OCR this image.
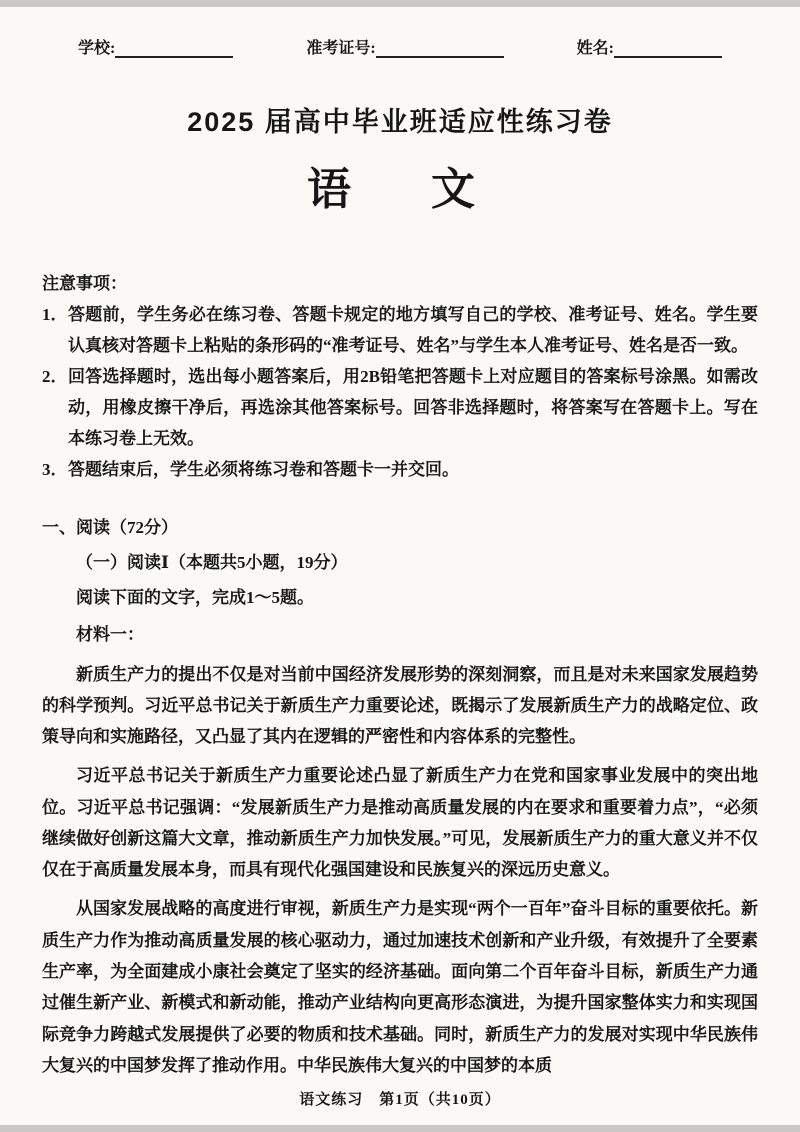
学校:	准考证号:	姓名:
2025 届高中毕业班适应性练习卷
语　文
注意事项：
1． 答题前，学生务必在练习卷、答题卡规定的地方填写自己的学校、准考证号、姓名。学生要认真核对答题卡上粘贴的条形码的“准考证号、姓名”与学生本人准考证号、姓名是否一致。
2． 回答选择题时，选出每小题答案后，用2B铅笔把答题卡上对应题目的答案标号涂黑。如需改动，用橡皮擦干净后，再选涂其他答案标号。回答非选择题时，将答案写在答题卡上。写在本练习卷上无效。
3． 答题结束后，学生必须将练习卷和答题卡一并交回。
一、阅读（72分）
（一）阅读Ⅰ（本题共5小题，19分）
阅读下面的文字，完成1～5题。
材料一：

新质生产力的提出不仅是对当前中国经济发展形势的深刻洞察，而且是对未来国家发展趋势的科学预判。习近平总书记关于新质生产力重要论述，既揭示了发展新质生产力的战略定位、政策导向和实施路径，又凸显了其内在逻辑的严密性和内容体系的完整性。

习近平总书记关于新质生产力重要论述凸显了新质生产力在党和国家事业发展中的突出地位。习近平总书记强调：“发展新质生产力是推动高质量发展的内在要求和重要着力点”，“必须继续做好创新这篇大文章，推动新质生产力加快发展。”可见，发展新质生产力的重大意义并不仅仅在于高质量发展本身，而具有现代化强国建设和民族复兴的深远历史意义。

从国家发展战略的高度进行审视，新质生产力是实现“两个一百年”奋斗目标的重要依托。新质生产力作为推动高质量发展的核心驱动力，通过加速技术创新和产业升级，有效提升了全要素生产率，为全面建成小康社会奠定了坚实的经济基础。面向第二个百年奋斗目标，新质生产力通过催生新产业、新模式和新动能，推动产业结构向更高形态演进，为提升国家整体实力和实现国际竞争力跨越式发展提供了必要的物质和技术基础。同时，新质生产力的发展对实现中华民族伟大复兴的中国梦发挥了推动作用。中华民族伟大复兴的中国梦的本质

语文练习　第1页（共10页）
